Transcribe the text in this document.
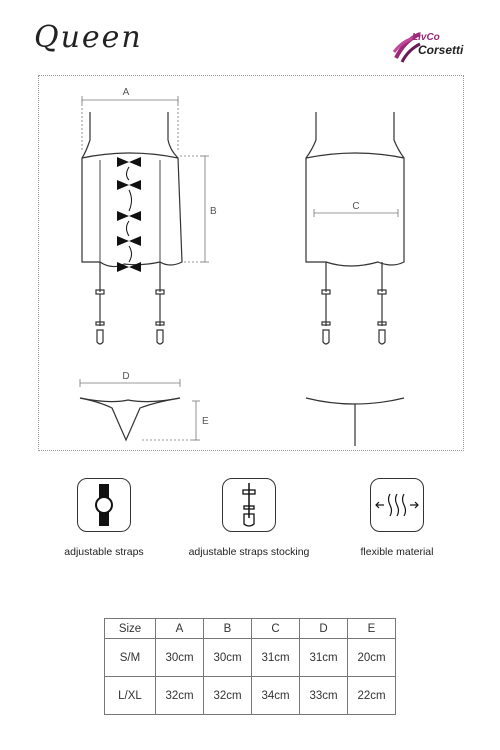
Queen	LivCo
Corsetti
A
B	C
D
E
adjustable straps	adjustable straps stocking	flexible material
Size	A	B	C	D	E
S/M	30cm	30cm	31cm	31cm	20cm
L/XL	32cm	32cm	34cm	33cm	22cm
